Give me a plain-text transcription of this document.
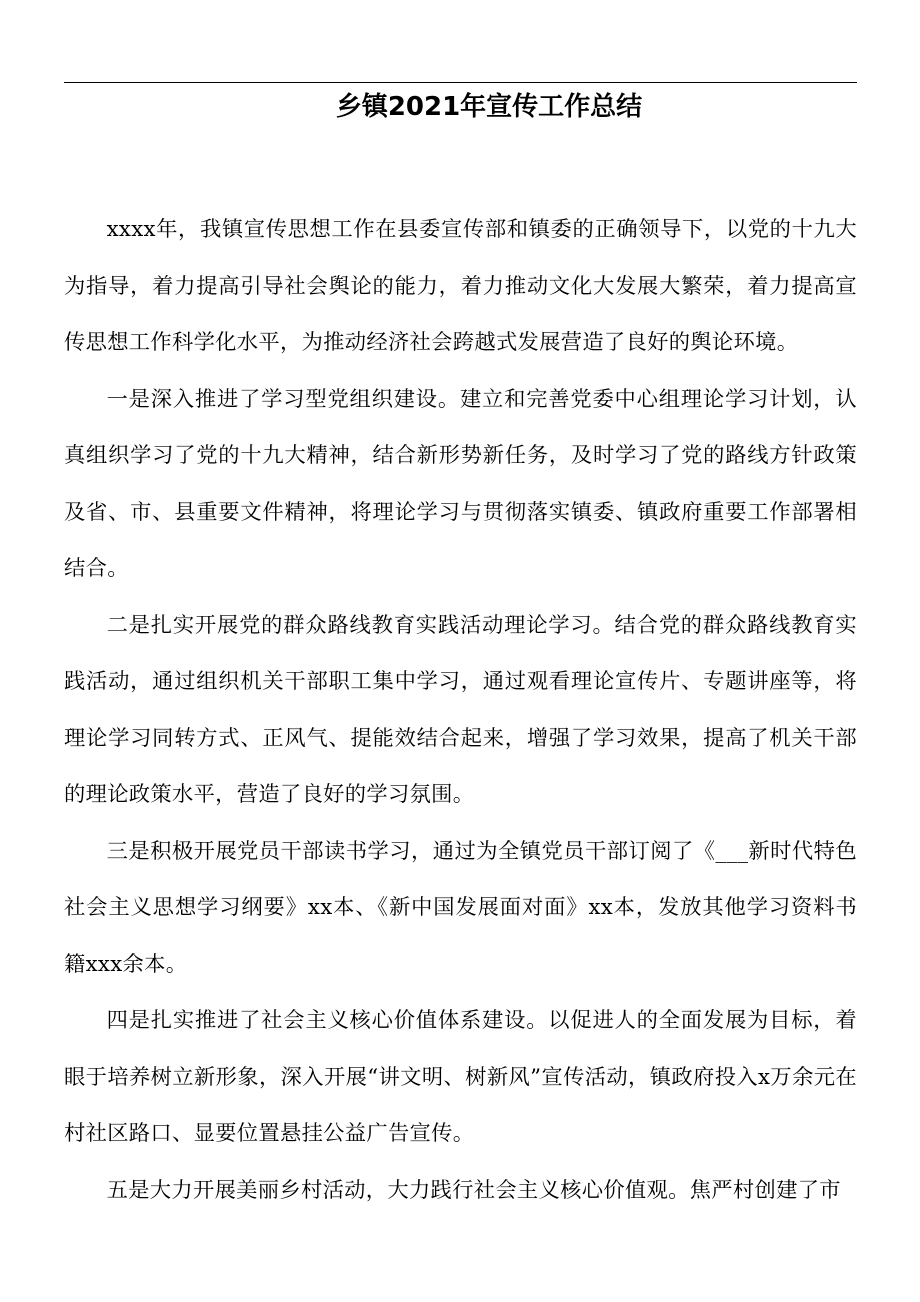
乡镇2021年宣传工作总结

xxxx年，我镇宣传思想工作在县委宣传部和镇委的正确领导下，以党的十九大为指导，着力提高引导社会舆论的能力，着力推动文化大发展大繁荣，着力提高宣传思想工作科学化水平，为推动经济社会跨越式发展营造了良好的舆论环境。

一是深入推进了学习型党组织建设。建立和完善党委中心组理论学习计划，认真组织学习了党的十九大精神，结合新形势新任务，及时学习了党的路线方针政策及省、市、县重要文件精神，将理论学习与贯彻落实镇委、镇政府重要工作部署相结合。

二是扎实开展党的群众路线教育实践活动理论学习。结合党的群众路线教育实践活动，通过组织机关干部职工集中学习，通过观看理论宣传片、专题讲座等，将理论学习同转方式、正风气、提能效结合起来，增强了学习效果，提高了机关干部的理论政策水平，营造了良好的学习氛围。

三是积极开展党员干部读书学习，通过为全镇党员干部订阅了《___新时代特色社会主义思想学习纲要》xx本、《新中国发展面对面》xx本，发放其他学习资料书籍xxx余本。

四是扎实推进了社会主义核心价值体系建设。以促进人的全面发展为目标，着眼于培养树立新形象，深入开展“讲文明、树新风”宣传活动，镇政府投入x万余元在村社区路口、显要位置悬挂公益广告宣传。

五是大力开展美丽乡村活动，大力践行社会主义核心价值观。焦严村创建了市
